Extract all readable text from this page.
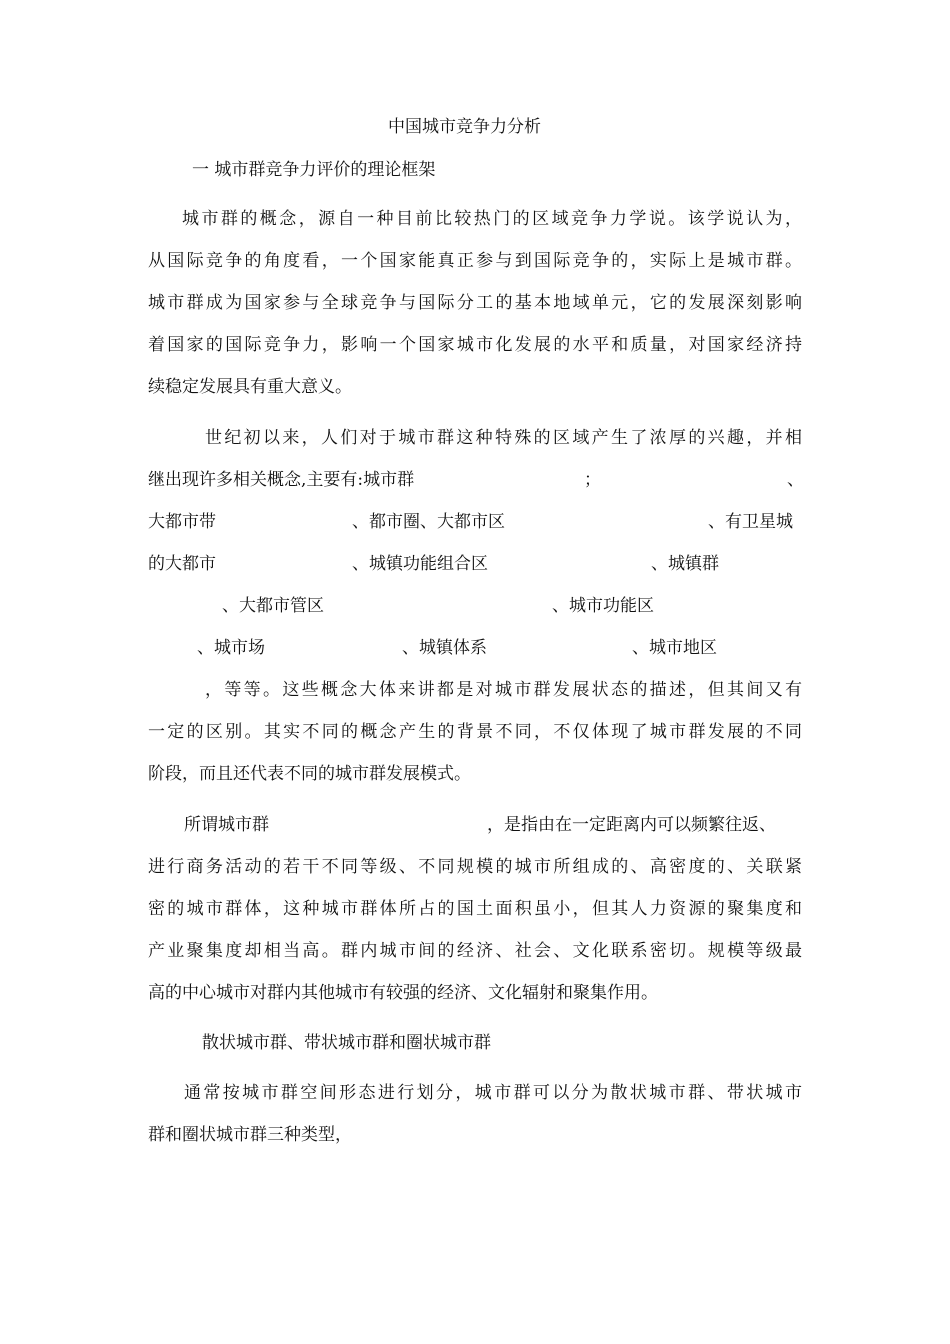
中国城市竞争力分析
一 城市群竞争力评价的理论框架
城市群的概念，源自一种目前比较热门的区域竞争力学说。该学说认为，
从国际竞争的角度看，一个国家能真正参与到国际竞争的，实际上是城市群。
城市群成为国家参与全球竞争与国际分工的基本地域单元，它的发展深刻影响
着国家的国际竞争力，影响一个国家城市化发展的水平和质量，对国家经济持
续稳定发展具有重大意义。
世纪初以来，人们对于城市群这种特殊的区域产生了浓厚的兴趣，并相
继出现许多相关概念,主要有:城市群	；	、
大都市带	、都市圈、大都市区	、有卫星城
的大都市	、城镇功能组合区	、城镇群
、大都市管区	、城市功能区
、城市场	、城镇体系	、城市地区
，等等。这些概念大体来讲都是对城市群发展状态的描述，但其间又有
一定的区别。其实不同的概念产生的背景不同，不仅体现了城市群发展的不同
阶段，而且还代表不同的城市群发展模式。
所谓城市群	，是指由在一定距离内可以频繁往返、
进行商务活动的若干不同等级、不同规模的城市所组成的、高密度的、关联紧
密的城市群体，这种城市群体所占的国土面积虽小，但其人力资源的聚集度和
产业聚集度却相当高。群内城市间的经济、社会、文化联系密切。规模等级最
高的中心城市对群内其他城市有较强的经济、文化辐射和聚集作用。
散状城市群、带状城市群和圈状城市群
通常按城市群空间形态进行划分，城市群可以分为散状城市群、带状城市
群和圈状城市群三种类型，
